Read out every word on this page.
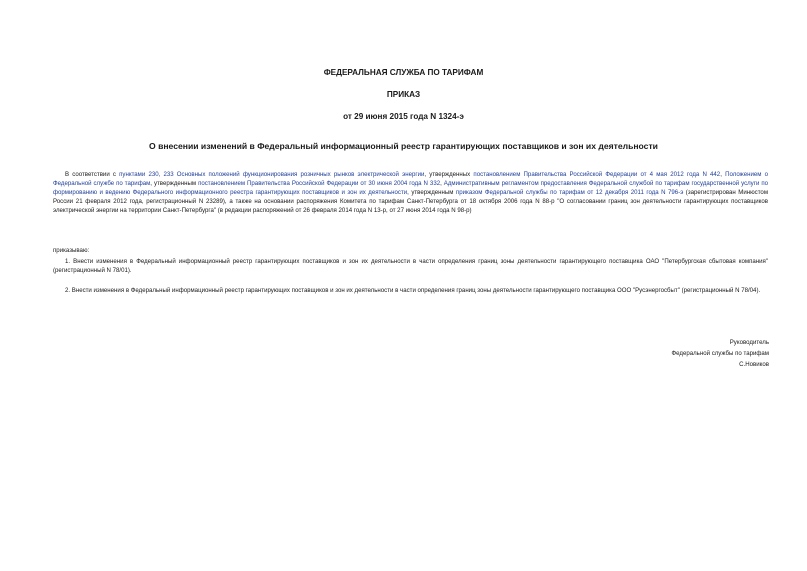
ФЕДЕРАЛЬНАЯ СЛУЖБА ПО ТАРИФАМ
ПРИКАЗ
от 29 июня 2015 года N 1324-э
О внесении изменений в Федеральный информационный реестр гарантирующих поставщиков и зон их деятельности
В соответствии с пунктами 230, 233 Основных положений функционирования розничных рынков электрической энергии, утвержденных постановлением Правительства Российской Федерации от 4 мая 2012 года N 442, Положением о Федеральной службе по тарифам, утвержденным постановлением Правительства Российской Федерации от 30 июня 2004 года N 332, Административным регламентом предоставления Федеральной службой по тарифам государственной услуги по формированию и ведению Федерального информационного реестра гарантирующих поставщиков и зон их деятельности, утвержденным приказом Федеральной службы по тарифам от 12 декабря 2011 года N 796-э (зарегистрирован Минюстом России 21 февраля 2012 года, регистрационный N 23289), а также на основании распоряжения Комитета по тарифам Санкт-Петербурга от 18 октября 2006 года N 88-р "О согласовании границ зон деятельности гарантирующих поставщиков электрической энергии на территории Санкт-Петербурга" (в редакции распоряжений от 26 февраля 2014 года N 13-р, от 27 июня 2014 года N 98-р)
приказываю:
1. Внести изменения в Федеральный информационный реестр гарантирующих поставщиков и зон их деятельности в части определения границ зоны деятельности гарантирующего поставщика ОАО "Петербургская сбытовая компания" (регистрационный N 78/01).
2. Внести изменения в Федеральный информационный реестр гарантирующих поставщиков и зон их деятельности в части определения границ зоны деятельности гарантирующего поставщика ООО "Русэнергосбыт" (регистрационный N 78/04).
Руководитель
Федеральной службы по тарифам
С.Новиков
